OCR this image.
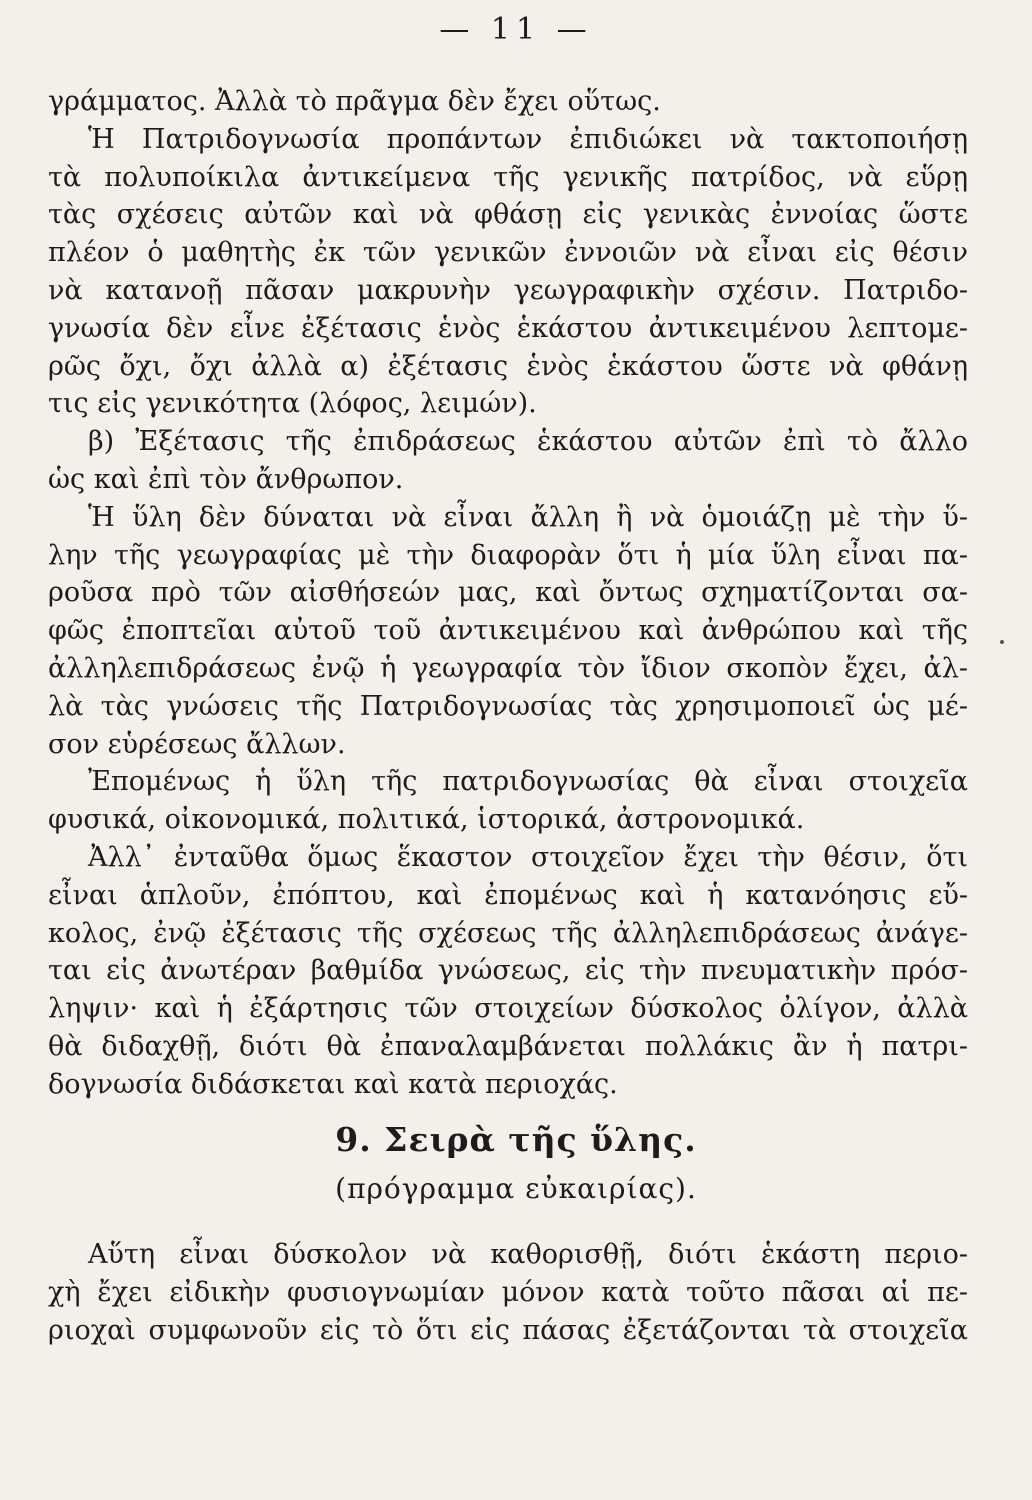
— 11 —
γράμματος. Ἀλλὰ τὸ πρᾶγμα δὲν ἔχει οὕτως.
Ἡ Πατριδογνωσία προπάντων ἐπιδιώκει νὰ τακτοποιήσῃ
τὰ πολυποίκιλα ἀντικείμενα τῆς γενικῆς πατρίδος, νὰ εὕρῃ
τὰς σχέσεις αὐτῶν καὶ νὰ φθάσῃ εἰς γενικὰς ἐννοίας ὥστε
πλέον ὁ μαθητὴς ἐκ τῶν γενικῶν ἐννοιῶν νὰ εἶναι εἰς θέσιν
νὰ κατανοῇ πᾶσαν μακρυνὴν γεωγραφικὴν σχέσιν. Πατριδο-
γνωσία δὲν εἶνε ἐξέτασις ἑνὸς ἑκάστου ἀντικειμένου λεπτομε-
ρῶς ὄχι, ὄχι ἀλλὰ α) ἐξέτασις ἑνὸς ἑκάστου ὥστε νὰ φθάνῃ
τις εἰς γενικότητα (λόφος, λειμών).
β) Ἐξέτασις τῆς ἐπιδράσεως ἑκάστου αὐτῶν ἐπὶ τὸ ἄλλο
ὡς καὶ ἐπὶ τὸν ἄνθρωπον.
Ἡ ὕλη δὲν δύναται νὰ εἶναι ἄλλη ἢ νὰ ὁμοιάζῃ μὲ τὴν ὕ-
λην τῆς γεωγραφίας μὲ τὴν διαφορὰν ὅτι ἡ μία ὕλη εἶναι πα-
ροῦσα πρὸ τῶν αἰσθήσεών μας, καὶ ὄντως σχηματίζονται σα-
φῶς ἐποπτεῖαι αὐτοῦ τοῦ ἀντικειμένου καὶ ἀνθρώπου καὶ τῆς
ἀλληλεπιδράσεως ἐνῷ ἡ γεωγραφία τὸν ἴδιον σκοπὸν ἔχει, ἀλ-
λὰ τὰς γνώσεις τῆς Πατριδογνωσίας τὰς χρησιμοποιεῖ ὡς μέ-
σον εὑρέσεως ἄλλων.
Ἐπομένως ἡ ὕλη τῆς πατριδογνωσίας θὰ εἶναι στοιχεῖα
φυσικά, οἰκονομικά, πολιτικά, ἱστορικά, ἀστρονομικά.
Ἀλλ᾽ ἐνταῦθα ὅμως ἕκαστον στοιχεῖον ἔχει τὴν θέσιν, ὅτι
εἶναι ἁπλοῦν, ἐπόπτου, καὶ ἐπομένως καὶ ἡ κατανόησις εὔ-
κολος, ἐνῷ ἐξέτασις τῆς σχέσεως τῆς ἀλληλεπιδράσεως ἀνάγε-
ται εἰς ἀνωτέραν βαθμίδα γνώσεως, εἰς τὴν πνευματικὴν πρόσ-
ληψιν· καὶ ἡ ἐξάρτησις τῶν στοιχείων δύσκολος ὀλίγον, ἀλλὰ
θὰ διδαχθῇ, διότι θὰ ἐπαναλαμβάνεται πολλάκις ἂν ἡ πατρι-
δογνωσία διδάσκεται καὶ κατὰ περιοχάς.
9. Σειρὰ τῆς ὕλης.
(πρόγραμμα εὐκαιρίας).
Αὕτη εἶναι δύσκολον νὰ καθορισθῇ, διότι ἑκάστη περιο-
χὴ ἔχει εἰδικὴν φυσιογνωμίαν μόνον κατὰ τοῦτο πᾶσαι αἱ πε-
ριοχαὶ συμφωνοῦν εἰς τὸ ὅτι εἰς πάσας ἐξετάζονται τὰ στοιχεῖα
